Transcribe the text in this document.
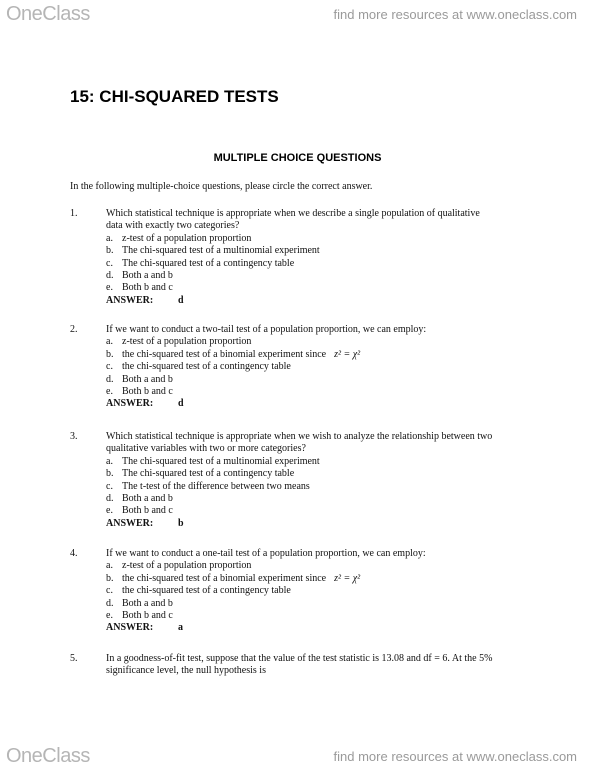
OneClass	find more resources at www.oneclass.com
15: CHI-SQUARED TESTS
MULTIPLE CHOICE QUESTIONS
In the following multiple-choice questions, please circle the correct answer.
1.	Which statistical technique is appropriate when we describe a single population of qualitative
data with exactly two categories?
a. z-test of a population proportion
b. The chi-squared test of a multinomial experiment
c. The chi-squared test of a contingency table
d. Both a and b
e. Both b and c
ANSWER: d
2.	If we want to conduct a two-tail test of a population proportion, we can employ:
a. z-test of a population proportion
b. the chi-squared test of a binomial experiment since z² = χ²
c. the chi-squared test of a contingency table
d. Both a and b
e. Both b and c
ANSWER: d
3.	Which statistical technique is appropriate when we wish to analyze the relationship between two
qualitative variables with two or more categories?
a. The chi-squared test of a multinomial experiment
b. The chi-squared test of a contingency table
c. The t-test of the difference between two means
d. Both a and b
e. Both b and c
ANSWER: b
4.	If we want to conduct a one-tail test of a population proportion, we can employ:
a. z-test of a population proportion
b. the chi-squared test of a binomial experiment since z² = χ²
c. the chi-squared test of a contingency table
d. Both a and b
e. Both b and c
ANSWER: a
5.	In a goodness-of-fit test, suppose that the value of the test statistic is 13.08 and df = 6. At the 5%
significance level, the null hypothesis is
OneClass	find more resources at www.oneclass.com
